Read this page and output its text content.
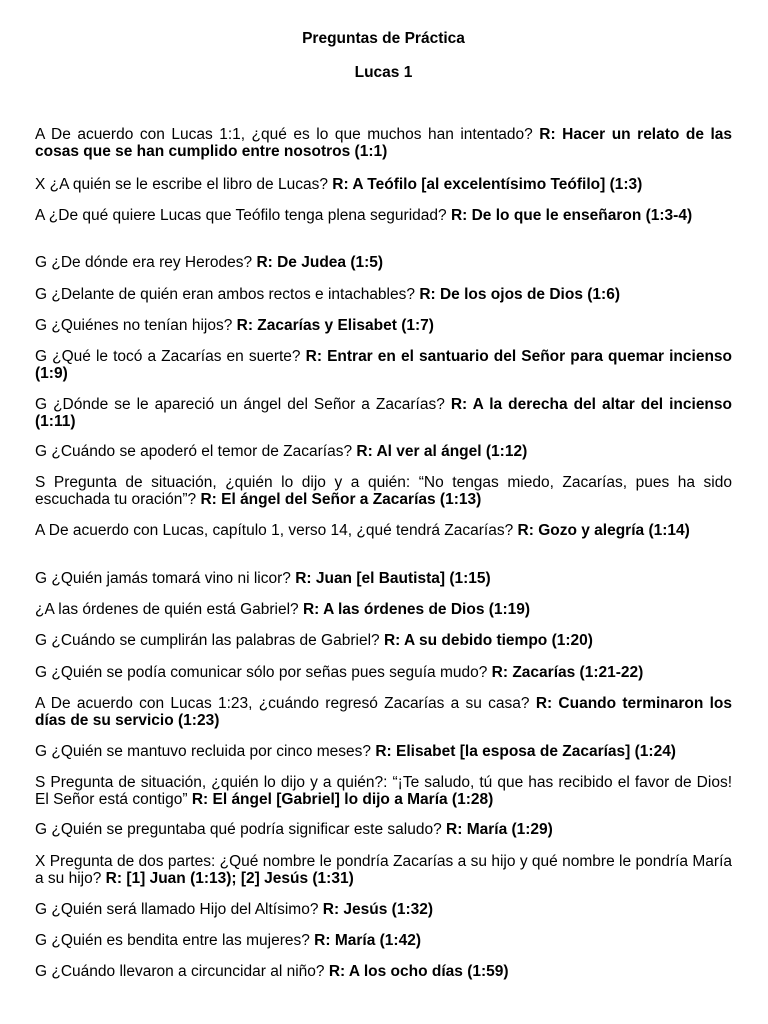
Preguntas de Práctica
Lucas 1
A De acuerdo con Lucas 1:1, ¿qué es lo que muchos han intentado? R: Hacer un relato de las cosas que se han cumplido entre nosotros (1:1)
X ¿A quién se le escribe el libro de Lucas? R: A Teófilo [al excelentísimo Teófilo] (1:3)
A ¿De qué quiere Lucas que Teófilo tenga plena seguridad? R: De lo que le enseñaron (1:3-4)
G ¿De dónde era rey Herodes? R: De Judea (1:5)
G ¿Delante de quién eran ambos rectos e intachables? R: De los ojos de Dios (1:6)
G ¿Quiénes no tenían hijos? R: Zacarías y Elisabet (1:7)
G ¿Qué le tocó a Zacarías en suerte? R: Entrar en el santuario del Señor para quemar incienso (1:9)
G ¿Dónde se le apareció un ángel del Señor a Zacarías? R: A la derecha del altar del incienso (1:11)
G ¿Cuándo se apoderó el temor de Zacarías? R: Al ver al ángel (1:12)
S Pregunta de situación, ¿quién lo dijo y a quién: “No tengas miedo, Zacarías, pues ha sido escuchada tu oración”? R: El ángel del Señor a Zacarías (1:13)
A De acuerdo con Lucas, capítulo 1, verso 14, ¿qué tendrá Zacarías? R: Gozo y alegría (1:14)
G ¿Quién jamás tomará vino ni licor? R: Juan [el Bautista] (1:15)
¿A las órdenes de quién está Gabriel? R: A las órdenes de Dios (1:19)
G ¿Cuándo se cumplirán las palabras de Gabriel? R: A su debido tiempo (1:20)
G ¿Quién se podía comunicar sólo por señas pues seguía mudo? R: Zacarías (1:21-22)
A De acuerdo con Lucas 1:23, ¿cuándo regresó Zacarías a su casa? R: Cuando terminaron los días de su servicio (1:23)
G ¿Quién se mantuvo recluida por cinco meses? R: Elisabet [la esposa de Zacarías] (1:24)
S Pregunta de situación, ¿quién lo dijo y a quién?: “¡Te saludo, tú que has recibido el favor de Dios! El Señor está contigo” R: El ángel [Gabriel] lo dijo a María (1:28)
G ¿Quién se preguntaba qué podría significar este saludo? R: María (1:29)
X Pregunta de dos partes: ¿Qué nombre le pondría Zacarías a su hijo y qué nombre le pondría María a su hijo? R: [1] Juan (1:13); [2] Jesús (1:31)
G ¿Quién será llamado Hijo del Altísimo? R: Jesús (1:32)
G ¿Quién es bendita entre las mujeres? R: María (1:42)
G ¿Cuándo llevaron a circuncidar al niño? R: A los ocho días (1:59)
